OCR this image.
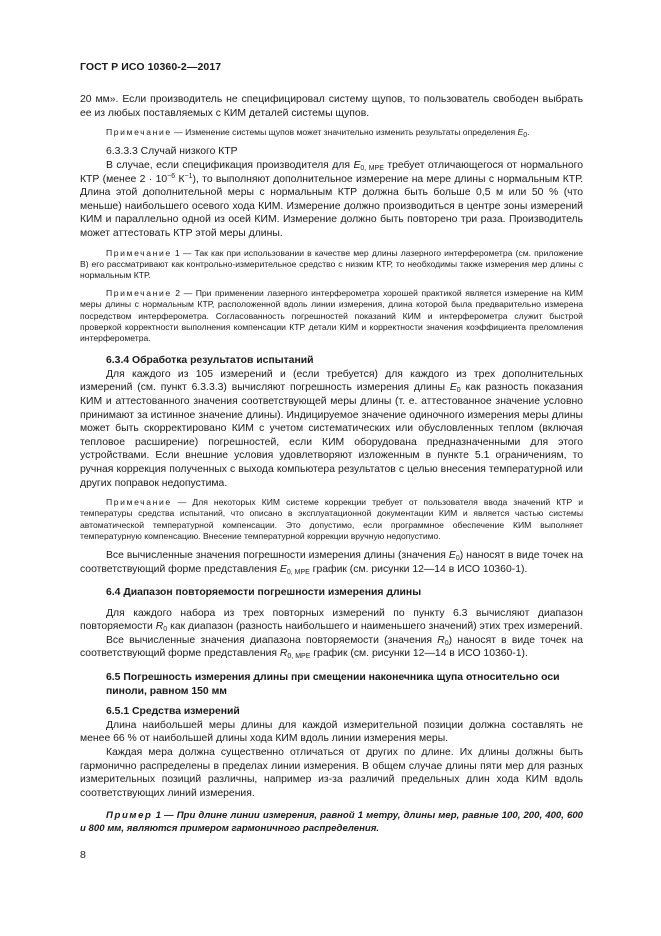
ГОСТ Р ИСО 10360-2—2017

20 мм». Если производитель не специфицировал систему щупов, то пользователь свободен выбрать ее из любых поставляемых с КИМ деталей системы щупов.

Примечание — Изменение системы щупов может значительно изменить результаты определения $E_0$.

6.3.3.3 Случай низкого КТР

В случае, если спецификация производителя для $E_{0, MPE}$ требует отличающегося от нормального КТР (менее $2 \cdot 10^{-6}$ $К^{-1}$), то выполняют дополнительное измерение на мере длины с нормальным КТР. Длина этой дополнительной меры с нормальным КТР должна быть больше 0,5 м или 50 % (что меньше) наибольшего осевого хода КИМ. Измерение должно производиться в центре зоны измерений КИМ и параллельно одной из осей КИМ. Измерение должно быть повторено три раза. Производитель может аттестовать КТР этой меры длины.

Примечание 1 — Так как при использовании в качестве мер длины лазерного интерферометра (см. приложение В) его рассматривают как контрольно-измерительное средство с низким КТР, то необходимы также измерения мер длины с нормальным КТР.

Примечание 2 — При применении лазерного интерферометра хорошей практикой является измерение на КИМ меры длины с нормальным КТР, расположенной вдоль линии измерения, длина которой была предварительно измерена посредством интерферометра. Согласованность погрешностей показаний КИМ и интерферометра служит быстрой проверкой корректности выполнения компенсации КТР детали КИМ и корректности значения коэффициента преломления интерферометра.

6.3.4 Обработка результатов испытаний

Для каждого из 105 измерений и (если требуется) для каждого из трех дополнительных измерений (см. пункт 6.3.3.3) вычисляют погрешность измерения длины $E_0$ как разность показания КИМ и аттестованного значения соответствующей меры длины (т. е. аттестованное значение условно принимают за истинное значение длины). Индицируемое значение одиночного измерения меры длины может быть скорректировано КИМ с учетом систематических или обусловленных теплом (включая тепловое расширение) погрешностей, если КИМ оборудована предназначенными для этого устройствами. Если внешние условия удовлетворяют изложенным в пункте 5.1 ограничениям, то ручная коррекция полученных с выхода компьютера результатов с целью внесения температурной или других поправок недопустима.

Примечание — Для некоторых КИМ системе коррекции требует от пользователя ввода значений КТР и температуры средства испытаний, что описано в эксплуатационной документации КИМ и является частью системы автоматической температурной компенсации. Это допустимо, если программное обеспечение КИМ выполняет температурную компенсацию. Внесение температурной коррекции вручную недопустимо.

Все вычисленные значения погрешности измерения длины (значения $E_0$) наносят в виде точек на соответствующий форме представления $E_{0, MPE}$ график (см. рисунки 12—14 в ИСО 10360-1).

6.4 Диапазон повторяемости погрешности измерения длины

Для каждого набора из трех повторных измерений по пункту 6.3 вычисляют диапазон повторяемости $R_0$ как диапазон (разность наибольшего и наименьшего значений) этих трех измерений.

Все вычисленные значения диапазона повторяемости (значения $R_0$) наносят в виде точек на соответствующий форме представления $R_{0, MPE}$ график (см. рисунки 12—14 в ИСО 10360-1).

6.5 Погрешность измерения длины при смещении наконечника щупа относительно оси пиноли, равном 150 мм

6.5.1 Средства измерений

Длина наибольшей меры длины для каждой измерительной позиции должна составлять не менее 66 % от наибольшей длины хода КИМ вдоль линии измерения меры.

Каждая мера должна существенно отличаться от других по длине. Их длины должны быть гармонично распределены в пределах линии измерения. В общем случае длины пяти мер для разных измерительных позиций различны, например из-за различий предельных длин хода КИМ вдоль соответствующих линий измерения.

Пример 1 — При длине линии измерения, равной 1 метру, длины мер, равные 100, 200, 400, 600 и 800 мм, являются примером гармоничного распределения.

8
